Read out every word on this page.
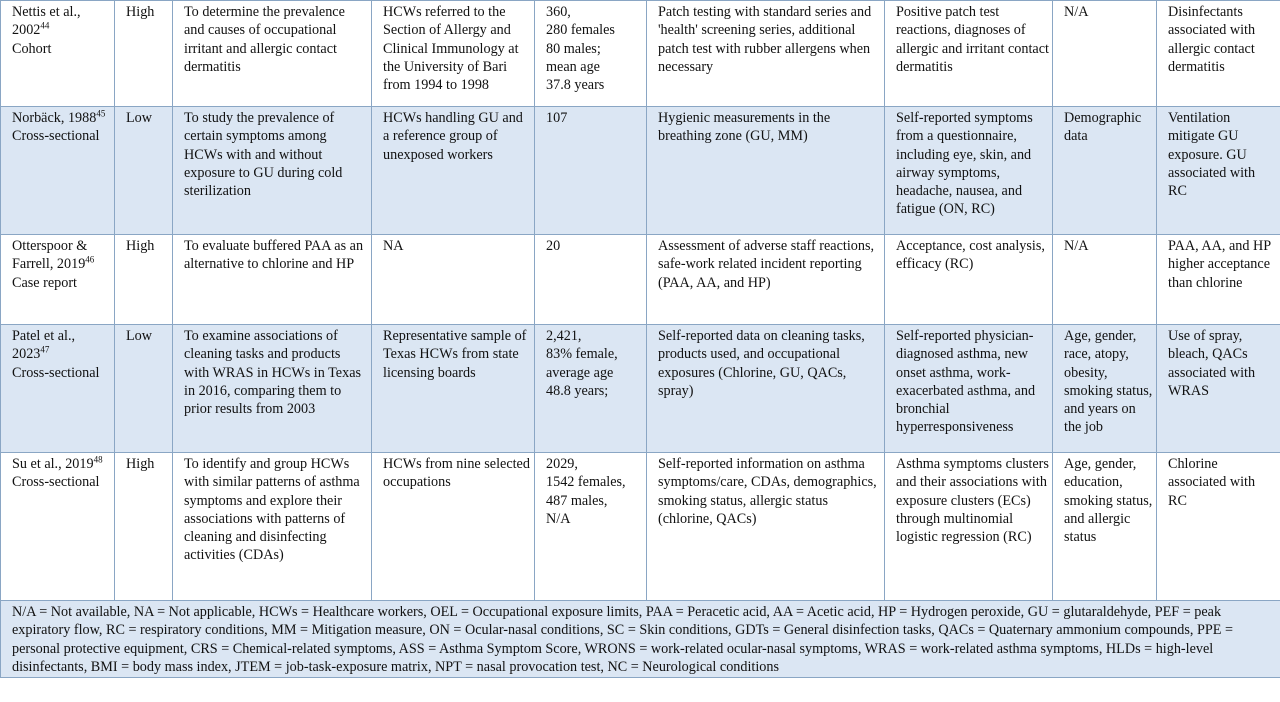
Nettis et al., 2002$^{44}$
Cohort	High	To determine the prevalence and causes of occupational irritant and allergic contact dermatitis	HCWs referred to the Section of Allergy and Clinical Immunology at the University of Bari from 1994 to 1998	360,
280 females
80 males;
mean age
37.8 years	Patch testing with standard series and 'health' screening series, additional patch test with rubber allergens when necessary	Positive patch test reactions, diagnoses of allergic and irritant contact dermatitis	N/A	Disinfectants associated with allergic contact dermatitis
Norbäck, 1988$^{45}$
Cross-sectional	Low	To study the prevalence of certain symptoms among HCWs with and without exposure to GU during cold sterilization	HCWs handling GU and a reference group of unexposed workers	107	Hygienic measurements in the breathing zone (GU, MM)	Self-reported symptoms from a questionnaire, including eye, skin, and airway symptoms, headache, nausea, and fatigue (ON, RC)	Demographic data	Ventilation mitigate GU exposure. GU associated with RC
Otterspoor & Farrell, 2019$^{46}$
Case report	High	To evaluate buffered PAA as an alternative to chlorine and HP	NA	20	Assessment of adverse staff reactions, safe-work related incident reporting (PAA, AA, and HP)	Acceptance, cost analysis, efficacy (RC)	N/A	PAA, AA, and HP higher acceptance than chlorine
Patel et al., 2023$^{47}$
Cross-sectional	Low	To examine associations of cleaning tasks and products with WRAS in HCWs in Texas in 2016, comparing them to prior results from 2003	Representative sample of Texas HCWs from state licensing boards	2,421,
83% female,
average age
48.8 years;	Self-reported data on cleaning tasks, products used, and occupational exposures (Chlorine, GU, QACs, spray)	Self-reported physician-diagnosed asthma, new onset asthma, work-exacerbated asthma, and bronchial hyperresponsiveness	Age, gender, race, atopy, obesity, smoking status, and years on the job	Use of spray, bleach, QACs associated with WRAS
Su et al., 2019$^{48}$
Cross-sectional	High	To identify and group HCWs with similar patterns of asthma symptoms and explore their associations with patterns of cleaning and disinfecting activities (CDAs)	HCWs from nine selected occupations	2029,
1542 females,
487 males,
N/A	Self-reported information on asthma symptoms/care, CDAs, demographics, smoking status, allergic status (chlorine, QACs)	Asthma symptoms clusters and their associations with exposure clusters (ECs) through multinomial logistic regression (RC)	Age, gender, education, smoking status, and allergic status	Chlorine associated with RC
N/A = Not available, NA = Not applicable, HCWs = Healthcare workers, OEL = Occupational exposure limits, PAA = Peracetic acid, AA = Acetic acid, HP = Hydrogen peroxide, GU = glutaraldehyde, PEF = peak expiratory flow, RC = respiratory conditions, MM = Mitigation measure, ON = Ocular-nasal conditions, SC = Skin conditions, GDTs = General disinfection tasks, QACs = Quaternary ammonium compounds, PPE = personal protective equipment, CRS = Chemical-related symptoms, ASS = Asthma Symptom Score, WRONS = work-related ocular-nasal symptoms, WRAS = work-related asthma symptoms, HLDs = high-level disinfectants, BMI = body mass index, JTEM = job-task-exposure matrix, NPT = nasal provocation test, NC = Neurological conditions								
